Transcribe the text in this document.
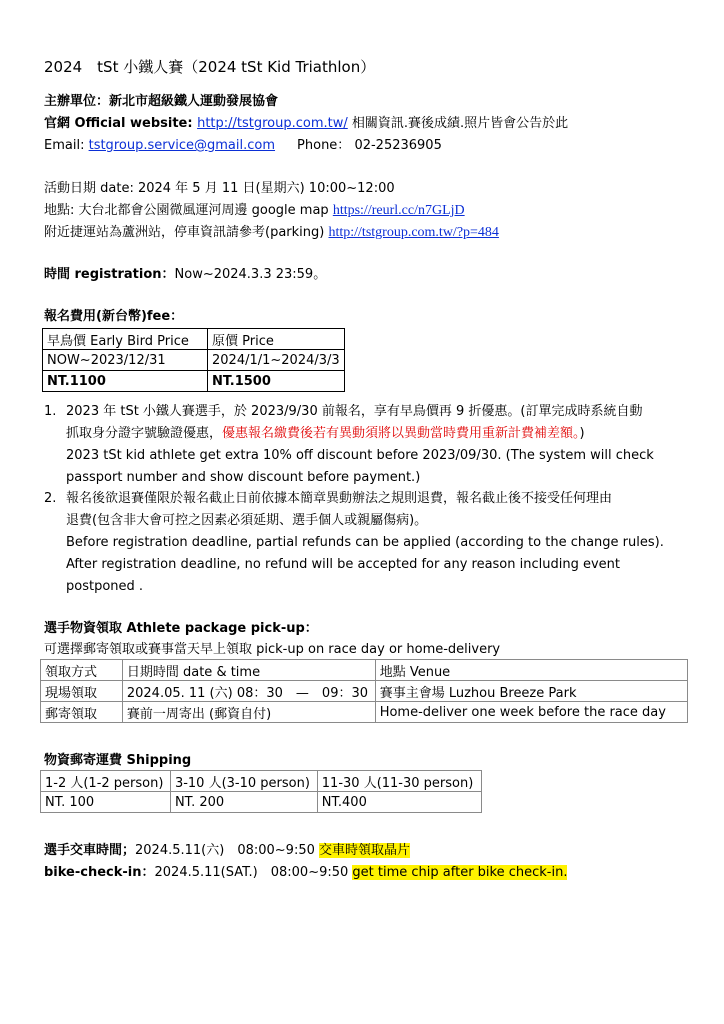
2024　tSt 小鐵人賽（2024 tSt Kid Triathlon）
主辦單位：新北市超級鐵人運動發展協會
官網 Official website: http://tstgroup.com.tw/ 相關資訊.賽後成績.照片皆會公告於此
Email: tstgroup.service@gmail.com Phone： 02-25236905
活動日期 date: 2024 年 5 月 11 日(星期六) 10:00~12:00
地點: 大台北都會公園微風運河周邊 google map https://reurl.cc/n7GLjD
附近捷運站為蘆洲站，停車資訊請參考(parking) http://tstgroup.com.tw/?p=484
時間 registration：Now~2024.3.3 23:59。
報名費用(新台幣)fee：
早鳥價 Early Bird Price	原價 Price
NOW~2023/12/31	2024/1/1~2024/3/3
NT.1100	NT.1500
1. 2023 年 tSt 小鐵人賽選手，於 2023/9/30 前報名，享有早鳥價再 9 折優惠。(訂單完成時系統自動
抓取身分證字號驗證優惠，優惠報名繳費後若有異動須將以異動當時費用重新計費補差額。)
2023 tSt kid athlete get extra 10% off discount before 2023/09/30. (The system will check
passport number and show discount before payment.)
2. 報名後欲退賽僅限於報名截止日前依據本簡章異動辦法之規則退費，報名截止後不接受任何理由
退費(包含非大會可控之因素必須延期、選手個人或親屬傷病)。
Before registration deadline, partial refunds can be applied (according to the change rules).
After registration deadline, no refund will be accepted for any reason including event
postponed .
選手物資領取 Athlete package pick-up：
可選擇郵寄領取或賽事當天早上領取 pick-up on race day or home-delivery
領取方式	日期時間 date & time	地點 Venue
現場領取	2024.05. 11 (六) 08：30　—　09：30	賽事主會場 Luzhou Breeze Park
郵寄領取	賽前一周寄出 (郵資自付)	Home-deliver one week before the race day
物資郵寄運費 Shipping
1-2 人(1-2 person)	3-10 人(3-10 person)	11-30 人(11-30 person)
NT. 100	NT. 200	NT.400
選手交車時間；2024.5.11(六)　08:00~9:50 交車時領取晶片
bike-check-in：2024.5.11(SAT.)　08:00~9:50 get time chip after bike check-in.
